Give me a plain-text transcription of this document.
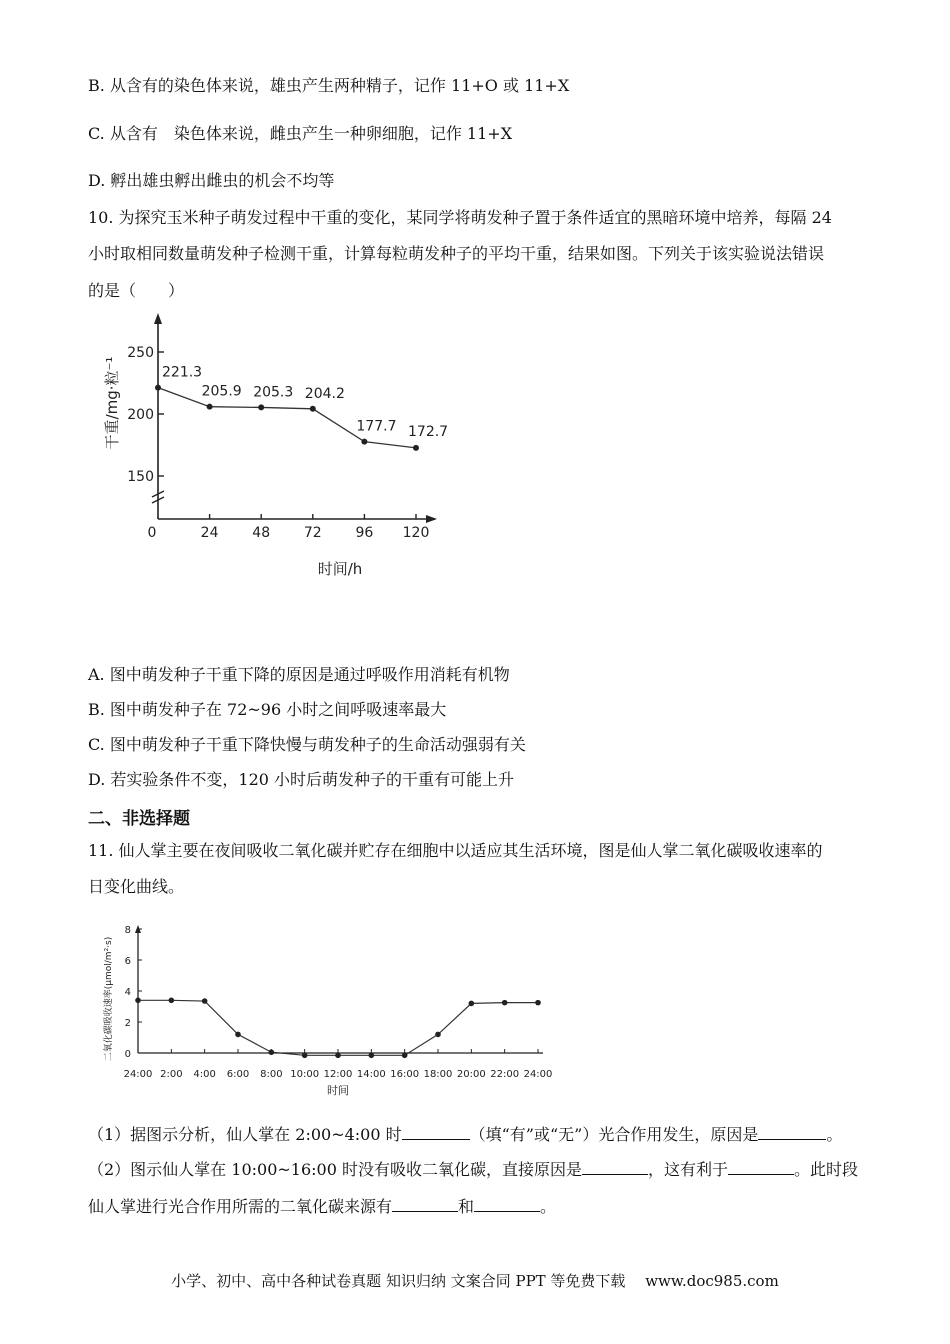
B. 从含有的染色体来说，雄虫产生两种精子，记作 11+O 或 11+X
C. 从含有　染色体来说，雌虫产生一种卵细胞，记作 11+X
D. 孵出雄虫孵出雌虫的机会不均等
10. 为探究玉米种子萌发过程中干重的变化，某同学将萌发种子置于条件适宜的黑暗环境中培养，每隔 24
小时取相同数量萌发种子检测干重，计算每粒萌发种子的平均干重，结果如图。下列关于该实验说法错误
的是（　　）
150
200
250
0	24 48 72 96 120
时间/h
干重/mg·粒⁻¹	221.3
205.9 205.3 204.2
177.7 172.7
A. 图中萌发种子干重下降的原因是通过呼吸作用消耗有机物
B. 图中萌发种子在 72~96 小时之间呼吸速率最大
C. 图中萌发种子干重下降快慢与萌发种子的生命活动强弱有关
D. 若实验条件不变，120 小时后萌发种子的干重有可能上升
二、非选择题
11. 仙人掌主要在夜间吸收二氧化碳并贮存在细胞中以适应其生活环境，图是仙人掌二氧化碳吸收速率的
日变化曲线。
0
2
4
6
8
24:00 2:00 4:00 6:00 8:00 10:00 12:00 14:00 16:00 18:00 20:00 22:00 24:00
时间
二氧化碳吸收速率(μmol/m²·s)
（1）据图示分析，仙人掌在 2:00~4:00 时	（填“有”或“无”）光合作用发生，原因是	。
（2）图示仙人掌在 10:00~16:00 时没有吸收二氧化碳，直接原因是	，这有利于	。此时段
仙人掌进行光合作用所需的二氧化碳来源有	和	。
小学、初中、高中各种试卷真题 知识归纳 文案合同 PPT 等免费下载　 www.doc985.com
